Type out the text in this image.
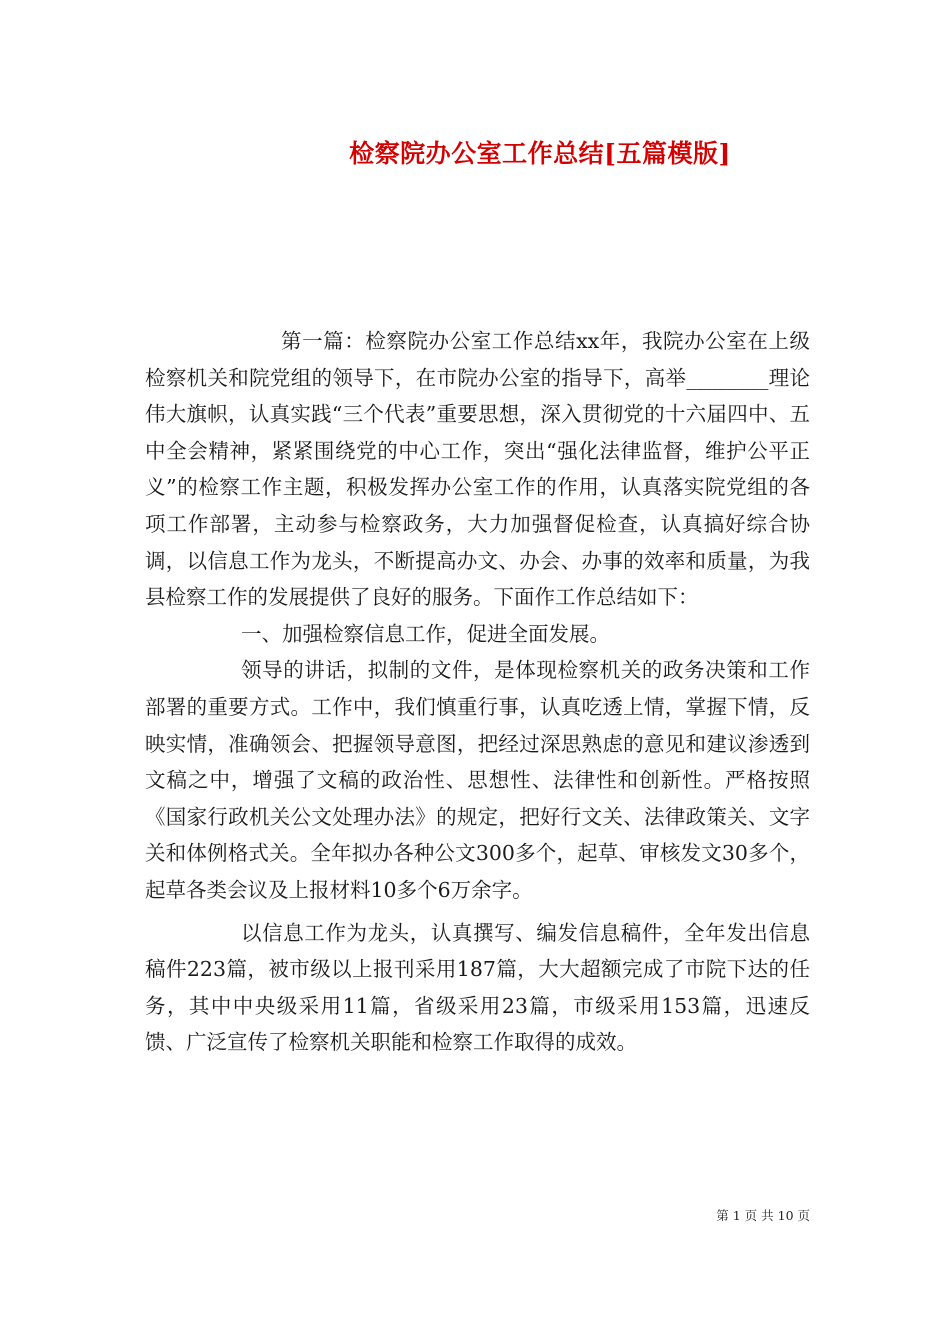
检察院办公室工作总结[五篇模版]

第一篇：检察院办公室工作总结xx年，我院办公室在上级检察机关和院党组的领导下，在市院办公室的指导下，高举________理论伟大旗帜，认真实践“三个代表”重要思想，深入贯彻党的十六届四中、五中全会精神，紧紧围绕党的中心工作，突出“强化法律监督，维护公平正义”的检察工作主题，积极发挥办公室工作的作用，认真落实院党组的各项工作部署，主动参与检察政务，大力加强督促检查，认真搞好综合协调，以信息工作为龙头，不断提高办文、办会、办事的效率和质量，为我县检察工作的发展提供了良好的服务。下面作工作总结如下：

一、加强检察信息工作，促进全面发展。

领导的讲话，拟制的文件，是体现检察机关的政务决策和工作部署的重要方式。工作中，我们慎重行事，认真吃透上情，掌握下情，反映实情，准确领会、把握领导意图，把经过深思熟虑的意见和建议渗透到文稿之中，增强了文稿的政治性、思想性、法律性和创新性。严格按照《国家行政机关公文处理办法》的规定，把好行文关、法律政策关、文字关和体例格式关。全年拟办各种公文300多个，起草、审核发文30多个，起草各类会议及上报材料10多个6万余字。

以信息工作为龙头，认真撰写、编发信息稿件，全年发出信息稿件223篇，被市级以上报刊采用187篇，大大超额完成了市院下达的任务，其中中央级采用11篇，省级采用23篇，市级采用153篇，迅速反馈、广泛宣传了检察机关职能和检察工作取得的成效。

第 1 页 共 10 页
